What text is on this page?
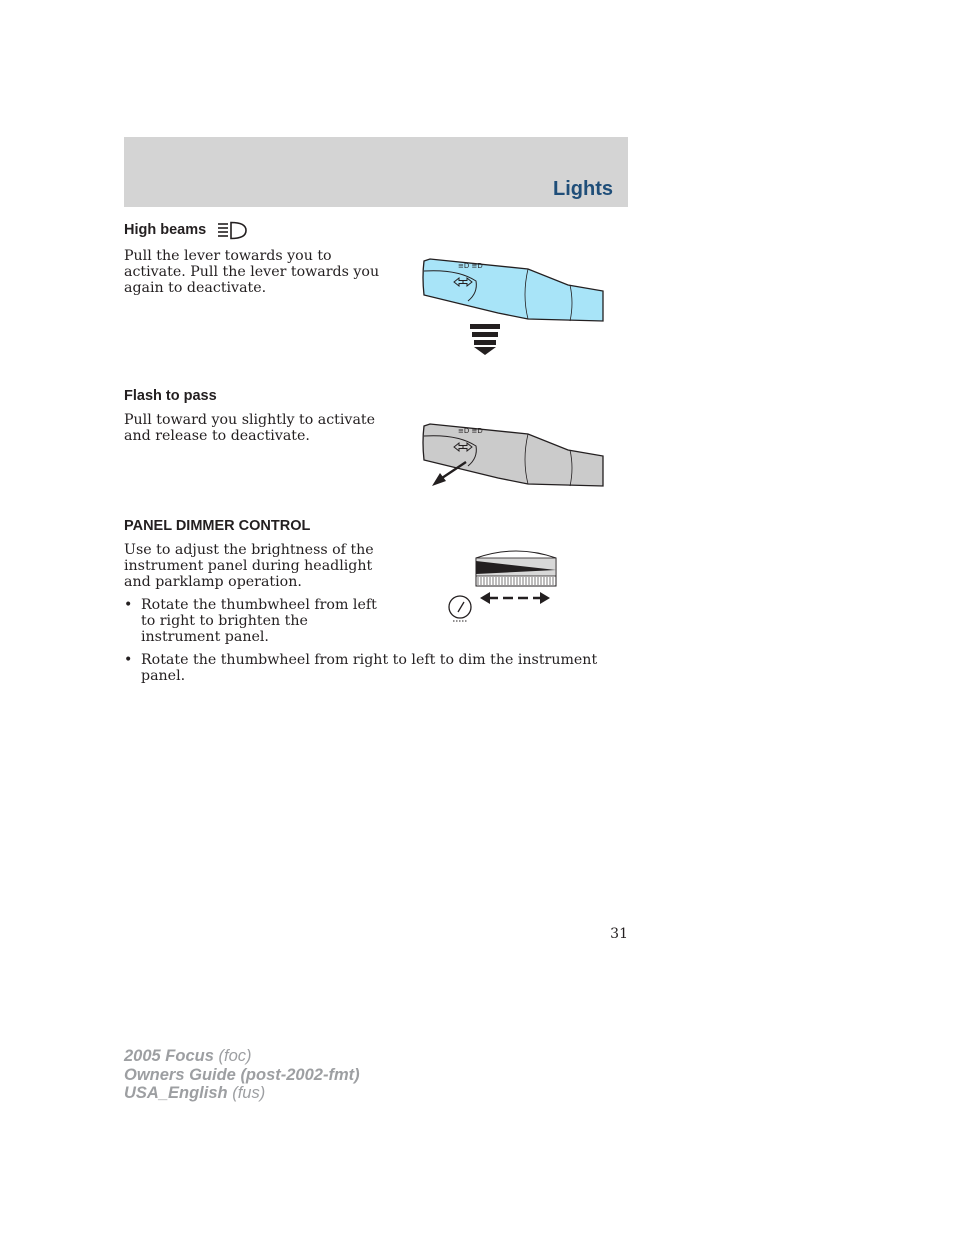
Lights
High beams

Pull the lever towards you to
activate. Pull the lever towards you
again to deactivate.

≡D ≡D
Flash to pass

Pull toward you slightly to activate
and release to deactivate.	≡D ≡D
PANEL DIMMER CONTROL

Use to adjust the brightness of the
instrument panel during headlight
and parklamp operation.

• Rotate the thumbwheel from left
to right to brighten the
instrument panel.
• Rotate the thumbwheel from right to left to dim the instrument panel.
31
2005 Focus (foc)
Owners Guide (post-2002-fmt)
USA_English (fus)
